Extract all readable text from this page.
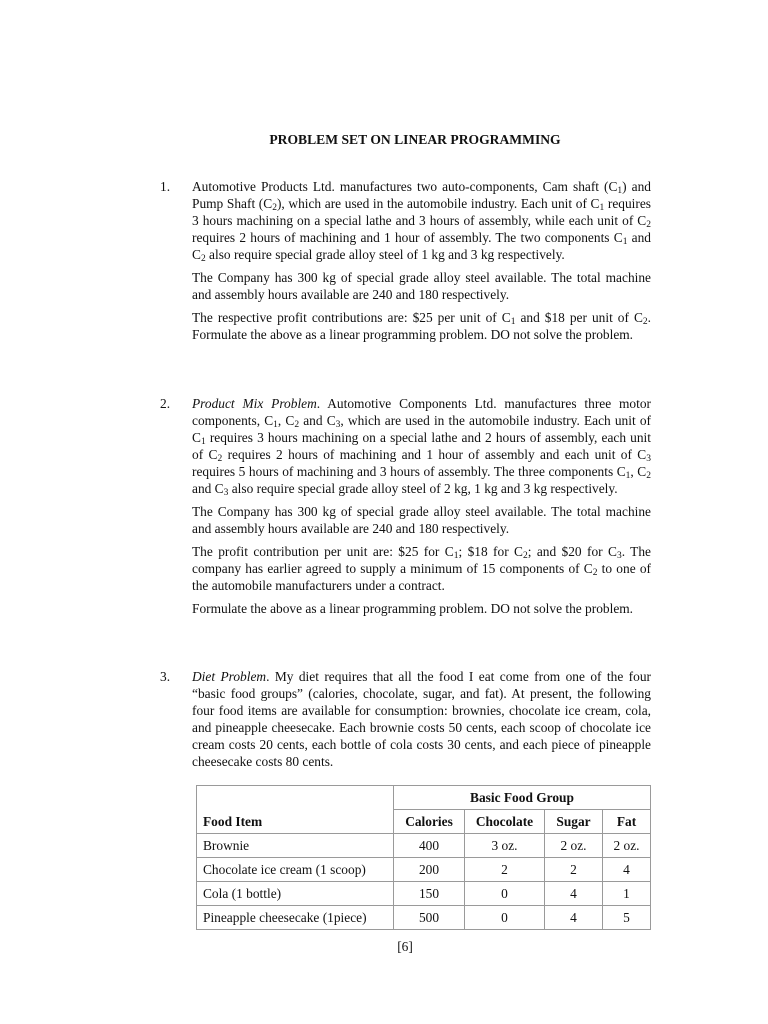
PROBLEM SET ON LINEAR PROGRAMMING
1. Automotive Products Ltd. manufactures two auto-components, Cam shaft $(C_1)$ and Pump Shaft $(C_2)$, which are used in the automobile industry. Each unit of $C_1$ requires 3 hours machining on a special lathe and 3 hours of assembly, while each unit of $C_2$ requires 2 hours of machining and 1 hour of assembly. The two components $C_1$ and $C_2$ also require special grade alloy steel of 1 kg and 3 kg respectively.

The Company has 300 kg of special grade alloy steel available. The total machine and assembly hours available are 240 and 180 respectively.

The respective profit contributions are: $25 per unit of $C_1$ and $18 per unit of $C_2$. Formulate the above as a linear programming problem. DO not solve the problem.

2. Product Mix Problem. Automotive Components Ltd. manufactures three motor components, $C_1$, $C_2$ and $C_3$, which are used in the automobile industry. Each unit of $C_1$ requires 3 hours machining on a special lathe and 2 hours of assembly, each unit of $C_2$ requires 2 hours of machining and 1 hour of assembly and each unit of $C_3$ requires 5 hours of machining and 3 hours of assembly. The three components $C_1$, $C_2$ and $C_3$ also require special grade alloy steel of 2 kg, 1 kg and 3 kg respectively.

The Company has 300 kg of special grade alloy steel available. The total machine and assembly hours available are 240 and 180 respectively.

The profit contribution per unit are: $25 for $C_1$; $18 for $C_2$; and $20 for $C_3$. The company has earlier agreed to supply a minimum of 15 components of $C_2$ to one of the automobile manufacturers under a contract.

Formulate the above as a linear programming problem. DO not solve the problem.

3. Diet Problem. My diet requires that all the food I eat come from one of the four “basic food groups” (calories, chocolate, sugar, and fat). At present, the following four food items are available for consumption: brownies, chocolate ice cream, cola, and pineapple cheesecake. Each brownie costs 50 cents, each scoop of chocolate ice cream costs 20 cents, each bottle of cola costs 30 cents, and each piece of pineapple cheesecake costs 80 cents.

	Basic Food Group			
Food Item	Calories	Chocolate	Sugar	Fat
Brownie	400	3 oz.	2 oz.	2 oz.
Chocolate ice cream (1 scoop)	200	2	2	4
Cola (1 bottle)	150	0	4	1
Pineapple cheesecake (1piece)	500	0	4	5
[6]
